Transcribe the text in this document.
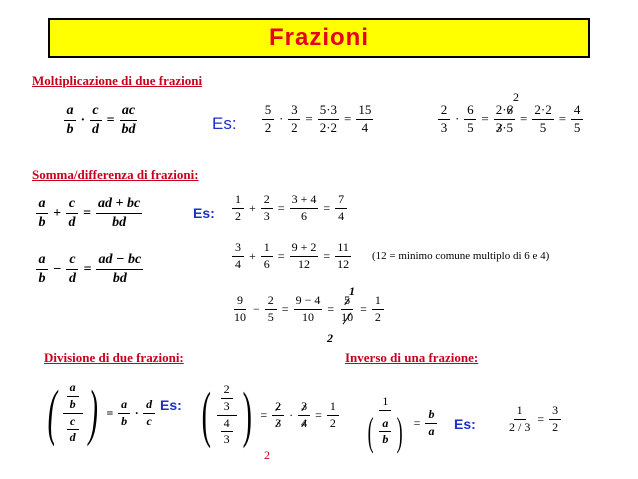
Frazioni
Moltiplicazione di due frazioni
$\frac{a}{b} \cdot \frac{c}{d} = \frac{ac}{bd}$	Es: $\frac{5}{2} \cdot \frac{3}{2} = \frac{5\cdot 3}{2\cdot 2} = \frac{15}{4}$
2
$\frac{2}{3} \cdot \frac{6}{5} = \frac{2\cdot 6}{3\cdot 5} = \frac{2\cdot 2}{5} = \frac{4}{5}$
Somma/differenza di frazioni:
$\frac{a}{b} + \frac{c}{d} = \frac{ad + bc}{bd}$
$\frac{a}{b} - \frac{c}{d} = \frac{ad - bc}{bd}$
Es: $\frac{1}{2} + \frac{2}{3} = \frac{3 + 4}{6} = \frac{7}{4}$
$\frac{3}{4} + \frac{1}{6} = \frac{9 + 2}{12} = \frac{11}{12} (12$ = minimo comune multiplo di 6 e 4)
1
$\frac{9}{10} - \frac{2}{5} = \frac{9 - 4}{10} = \frac{5}{10} = \frac{1}{2}$
2
Divisione di due frazioni:
( $\frac{\frac{a}{b}}{\frac{c}{d}}$ ) = $\frac{a}{b} \cdot \frac{d}{c} Es$: ( $\frac{\frac{2}{3}}{\frac{4}{3}}$ ) = $\frac{2}{3} \cdot \frac{3}{4} = \frac{1}{2}$
2
Inverso di una frazione:
$\frac{1}{( \frac{a}{b} )} = \frac{b}{a} Es$:	$\frac{1}{2 / 3} = \frac{3}{2}$
